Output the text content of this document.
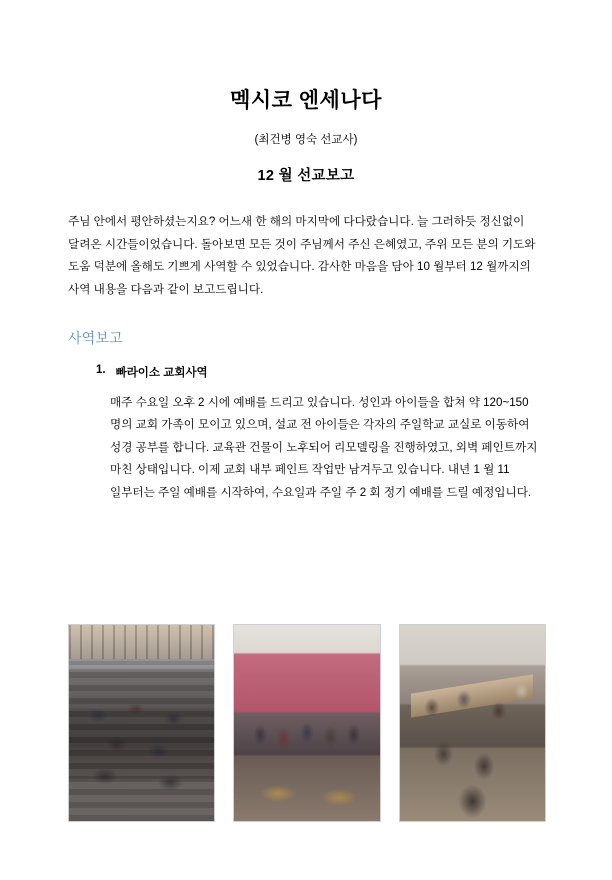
멕시코 엔세나다
(최건병 영숙 선교사)
12 월 선교보고
주님 안에서 평안하셨는지요? 어느새 한 해의 마지막에 다다랐습니다. 늘 그러하듯 정신없이 달려온 시간들이었습니다. 돌아보면 모든 것이 주님께서 주신 은혜였고, 주위 모든 분의 기도와 도움 덕분에 올해도 기쁘게 사역할 수 있었습니다. 감사한 마음을 담아 10 월부터 12 월까지의 사역 내용을 다음과 같이 보고드립니다.
사역보고
1. 빠라이소 교회사역
매주 수요일 오후 2 시에 예배를 드리고 있습니다. 성인과 아이들을 합쳐 약 120~150 명의 교회 가족이 모이고 있으며, 설교 전 아이들은 각자의 주일학교 교실로 이동하여 성경 공부를 합니다. 교육관 건물이 노후되어 리모델링을 진행하였고, 외벽 페인트까지 마친 상태입니다. 이제 교회 내부 페인트 작업만 남겨두고 있습니다. 내년 1 월 11 일부터는 주일 예배를 시작하여, 수요일과 주일 주 2 회 정기 예배를 드릴 예정입니다.
